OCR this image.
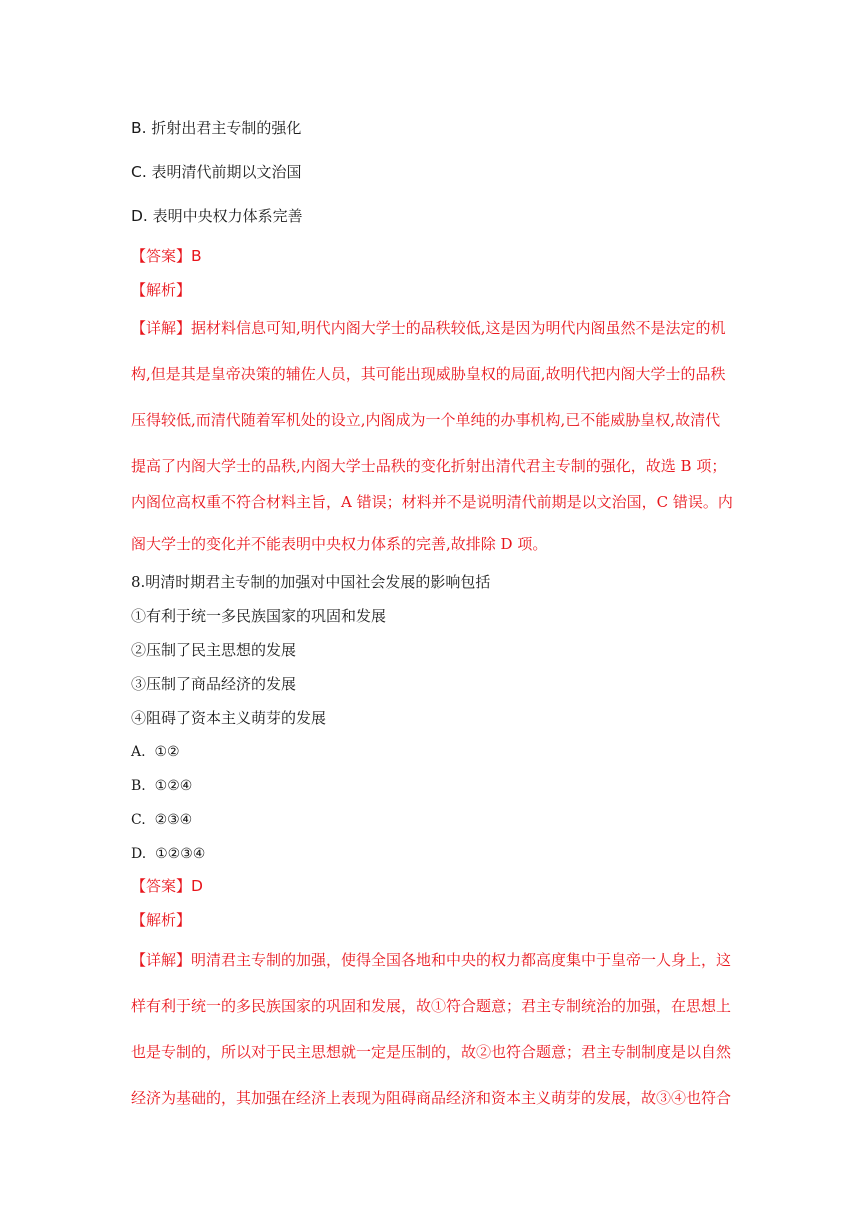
B. 折射出君主专制的强化
C. 表明清代前期以文治国
D. 表明中央权力体系完善
【答案】B
【解析】
【详解】据材料信息可知,明代内阁大学士的品秩较低,这是因为明代内阁虽然不是法定的机
构,但是其是皇帝决策的辅佐人员，其可能出现威胁皇权的局面,故明代把内阁大学士的品秩
压得较低,而清代随着军机处的设立,内阁成为一个单纯的办事机构,已不能威胁皇权,故清代
提高了内阁大学士的品秩,内阁大学士品秩的变化折射出清代君主专制的强化，故选 B 项；
内阁位高权重不符合材料主旨，A 错误；材料并不是说明清代前期是以文治国，C 错误。内
阁大学士的变化并不能表明中央权力体系的完善,故排除 D 项。
8.明清时期君主专制的加强对中国社会发展的影响包括
①有利于统一多民族国家的巩固和发展
②压制了民主思想的发展
③压制了商品经济的发展
④阻碍了资本主义萌芽的发展
A. ①②
B. ①②④
C. ②③④
D. ①②③④
【答案】D
【解析】
【详解】明清君主专制的加强，使得全国各地和中央的权力都高度集中于皇帝一人身上，这
样有利于统一的多民族国家的巩固和发展，故①符合题意；君主专制统治的加强，在思想上
也是专制的，所以对于民主思想就一定是压制的，故②也符合题意；君主专制制度是以自然
经济为基础的，其加强在经济上表现为阻碍商品经济和资本主义萌芽的发展，故③④也符合
